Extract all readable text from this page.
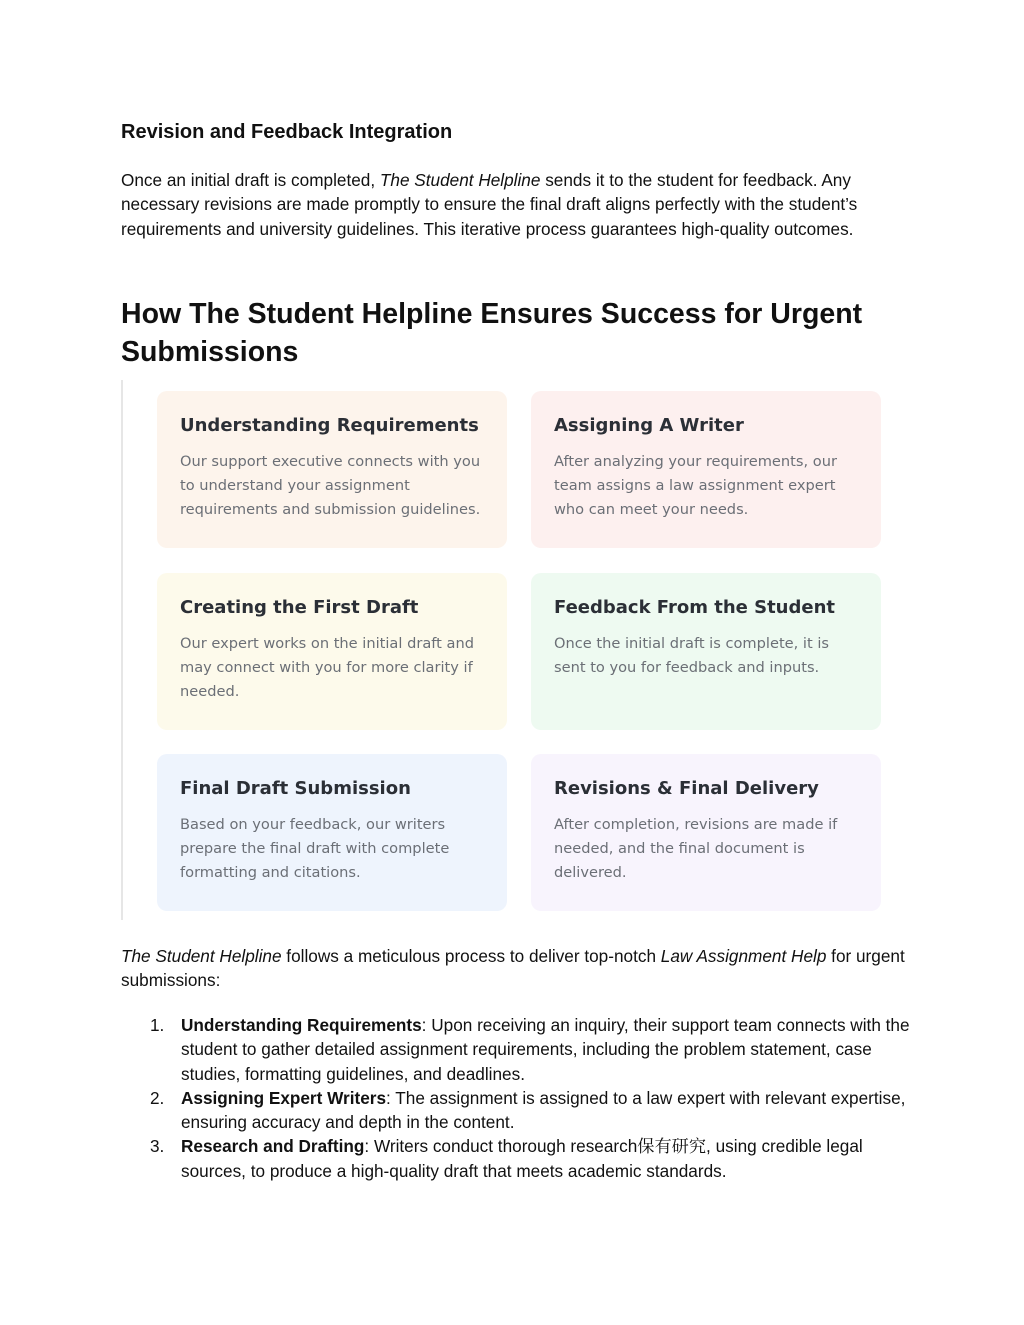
Revision and Feedback Integration

Once an initial draft is completed, The Student Helpline sends it to the student for feedback. Any necessary revisions are made promptly to ensure the final draft aligns perfectly with the student’s requirements and university guidelines. This iterative process guarantees high-quality outcomes.

How The Student Helpline Ensures Success for Urgent Submissions
Understanding Requirements
Our support executive connects with you to understand your assignment requirements and submission guidelines.
Assigning A Writer
After analyzing your requirements, our team assigns a law assignment expert who can meet your needs.
Creating the First Draft
Our expert works on the initial draft and may connect with you for more clarity if needed.
Feedback From the Student
Once the initial draft is complete, it is sent to you for feedback and inputs.
Final Draft Submission
Based on your feedback, our writers prepare the final draft with complete formatting and citations.
Revisions & Final Delivery
After completion, revisions are made if needed, and the final document is delivered.

The Student Helpline follows a meticulous process to deliver top-notch Law Assignment Help for urgent submissions:

1. Understanding Requirements: Upon receiving an inquiry, their support team connects with the student to gather detailed assignment requirements, including the problem statement, case studies, formatting guidelines, and deadlines.
2. Assigning Expert Writers: The assignment is assigned to a law expert with relevant expertise, ensuring accuracy and depth in the content.
3. Research and Drafting: Writers conduct thorough research保有研究, using credible legal sources, to produce a high-quality draft that meets academic standards.
